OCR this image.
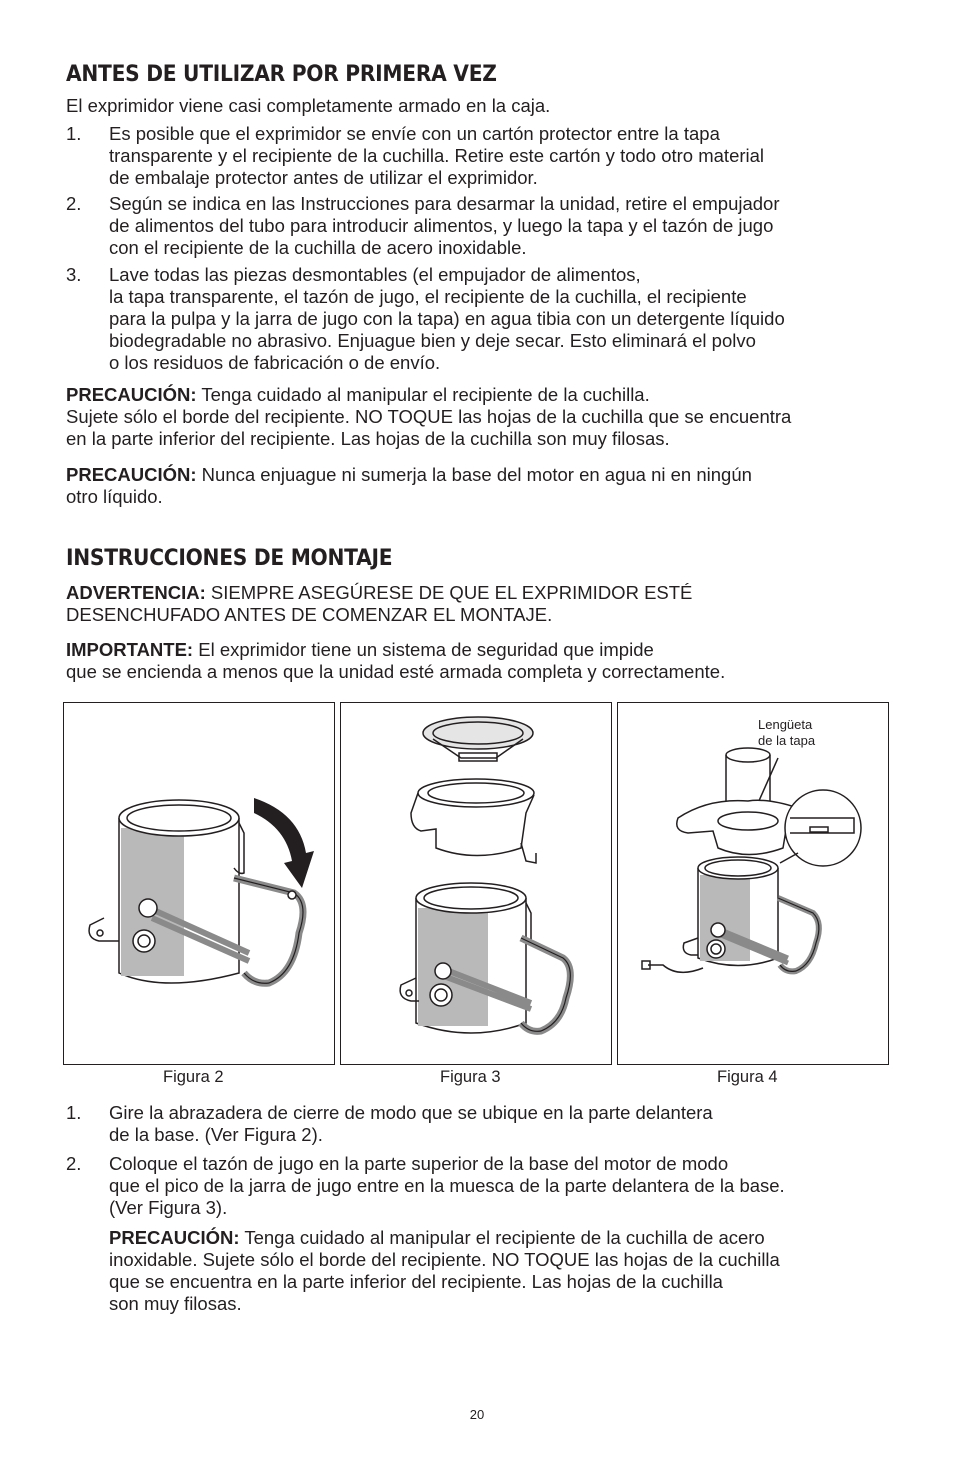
ANTES DE UTILIZAR POR PRIMERA VEZ
El exprimidor viene casi completamente armado en la caja.
1. Es posible que el exprimidor se envíe con un cartón protector entre la tapa
transparente y el recipiente de la cuchilla. Retire este cartón y todo otro material
de embalaje protector antes de utilizar el exprimidor.
2. Según se indica en las Instrucciones para desarmar la unidad, retire el empujador
de alimentos del tubo para introducir alimentos, y luego la tapa y el tazón de jugo
con el recipiente de la cuchilla de acero inoxidable.
3. Lave todas las piezas desmontables (el empujador de alimentos,
la tapa transparente, el tazón de jugo, el recipiente de la cuchilla, el recipiente
para la pulpa y la jarra de jugo con la tapa) en agua tibia con un detergente líquido
biodegradable no abrasivo. Enjuague bien y deje secar. Esto eliminará el polvo
o los residuos de fabricación o de envío.
PRECAUCIÓN: Tenga cuidado al manipular el recipiente de la cuchilla.
Sujete sólo el borde del recipiente. NO TOQUE las hojas de la cuchilla que se encuentra
en la parte inferior del recipiente. Las hojas de la cuchilla son muy filosas.
PRECAUCIÓN: Nunca enjuague ni sumerja la base del motor en agua ni en ningún
otro líquido.
INSTRUCCIONES DE MONTAJE
ADVERTENCIA: SIEMPRE ASEGÚRESE DE QUE EL EXPRIMIDOR ESTÉ
DESENCHUFADO ANTES DE COMENZAR EL MONTAJE.
IMPORTANTE: El exprimidor tiene un sistema de seguridad que impide
que se encienda a menos que la unidad esté armada completa y correctamente.
Lengüeta
de la tapa
Figura 2	Figura 3	Figura 4
1. Gire la abrazadera de cierre de modo que se ubique en la parte delantera
de la base. (Ver Figura 2).
2. Coloque el tazón de jugo en la parte superior de la base del motor de modo
que el pico de la jarra de jugo entre en la muesca de la parte delantera de la base.
(Ver Figura 3).
PRECAUCIÓN: Tenga cuidado al manipular el recipiente de la cuchilla de acero
inoxidable. Sujete sólo el borde del recipiente. NO TOQUE las hojas de la cuchilla
que se encuentra en la parte inferior del recipiente. Las hojas de la cuchilla
son muy filosas.
20
